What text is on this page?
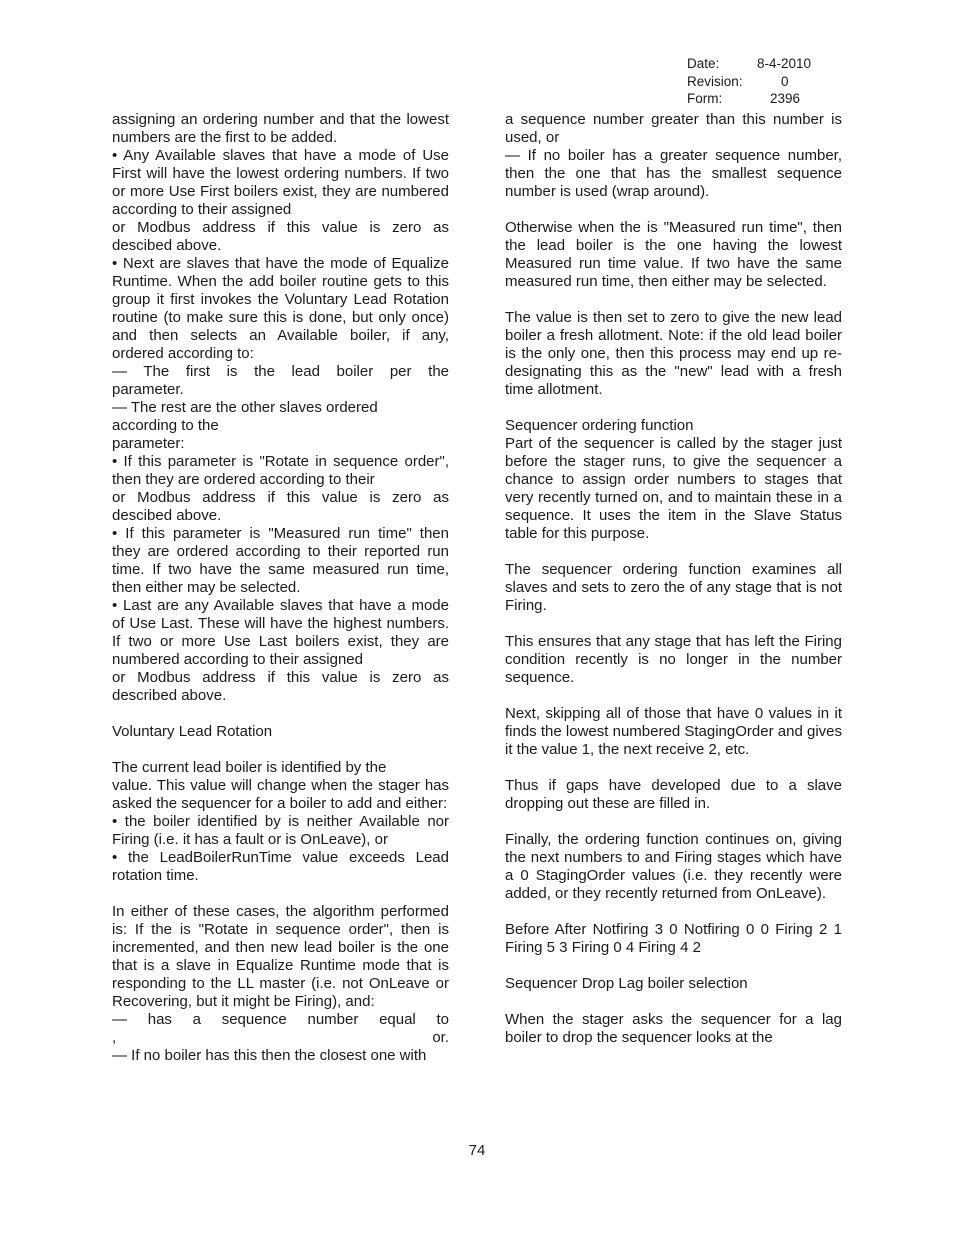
Date:	8-4-2010
Revision:	0
Form:	2396

assigning an ordering number and that the lowest numbers are the first to be added.

• Any Available slaves that have a mode of Use First will have the lowest ordering numbers. If two or more Use First boilers exist, they are numbered according to their assigned
or Modbus address if this value is zero as descibed above.

• Next are slaves that have the mode of Equalize Runtime. When the add boiler routine gets to this group it first invokes the Voluntary Lead Rotation routine (to make sure this is done, but only once) and then selects an Available boiler, if any, ordered according to:

— The first is the lead boiler per the
parameter.

— The rest are the other slaves ordered
according to the
parameter:

• If this parameter is "Rotate in sequence order", then they are ordered according to their
or Modbus address if this value is zero as descibed above.

• If this parameter is "Measured run time" then they are ordered according to their reported run time. If two have the same measured run time, then either may be selected.

• Last are any Available slaves that have a mode of Use Last. These will have the highest numbers. If two or more Use Last boilers exist, they are numbered according to their assigned
or Modbus address if this value is zero as described above.

Voluntary Lead Rotation

The current lead boiler is identified by the
value. This value will change when the stager has asked the sequencer for a boiler to add and either:

• the boiler identified by is neither Available nor Firing (i.e. it has a fault or is OnLeave), or

• the LeadBoilerRunTime value exceeds Lead rotation time.

In either of these cases, the algorithm performed is: If the is "Rotate in sequence order", then is incremented, and then new lead boiler is the one that is a slave in Equalize Runtime mode that is responding to the LL master (i.e. not OnLeave or Recovering, but it might be Firing), and:

— has a sequence number equal to
, or.

— If no boiler has this then the closest one with

a sequence number greater than this number is used, or

— If no boiler has a greater sequence number, then the one that has the smallest sequence number is used (wrap around).

Otherwise when the is "Measured run time", then the lead boiler is the one having the lowest Measured run time value. If two have the same measured run time, then either may be selected.

The value is then set to zero to give the new lead boiler a fresh allotment. Note: if the old lead boiler is the only one, then this process may end up re-designating this as the "new" lead with a fresh time allotment.

Sequencer ordering function

Part of the sequencer is called by the stager just before the stager runs, to give the sequencer a chance to assign order numbers to stages that very recently turned on, and to maintain these in a sequence. It uses the item in the Slave Status table for this purpose.

The sequencer ordering function examines all slaves and sets to zero the of any stage that is not Firing.

This ensures that any stage that has left the Firing condition recently is no longer in the number sequence.

Next, skipping all of those that have 0 values in it finds the lowest numbered StagingOrder and gives it the value 1, the next receive 2, etc.

Thus if gaps have developed due to a slave dropping out these are filled in.

Finally, the ordering function continues on, giving the next numbers to and Firing stages which have a 0 StagingOrder values (i.e. they recently were added, or they recently returned from OnLeave).

Before After Notfiring 3 0 Notfiring 0 0 Firing 2 1 Firing 5 3 Firing 0 4 Firing 4 2

Sequencer Drop Lag boiler selection

When the stager asks the sequencer for a lag boiler to drop the sequencer looks at the

74
